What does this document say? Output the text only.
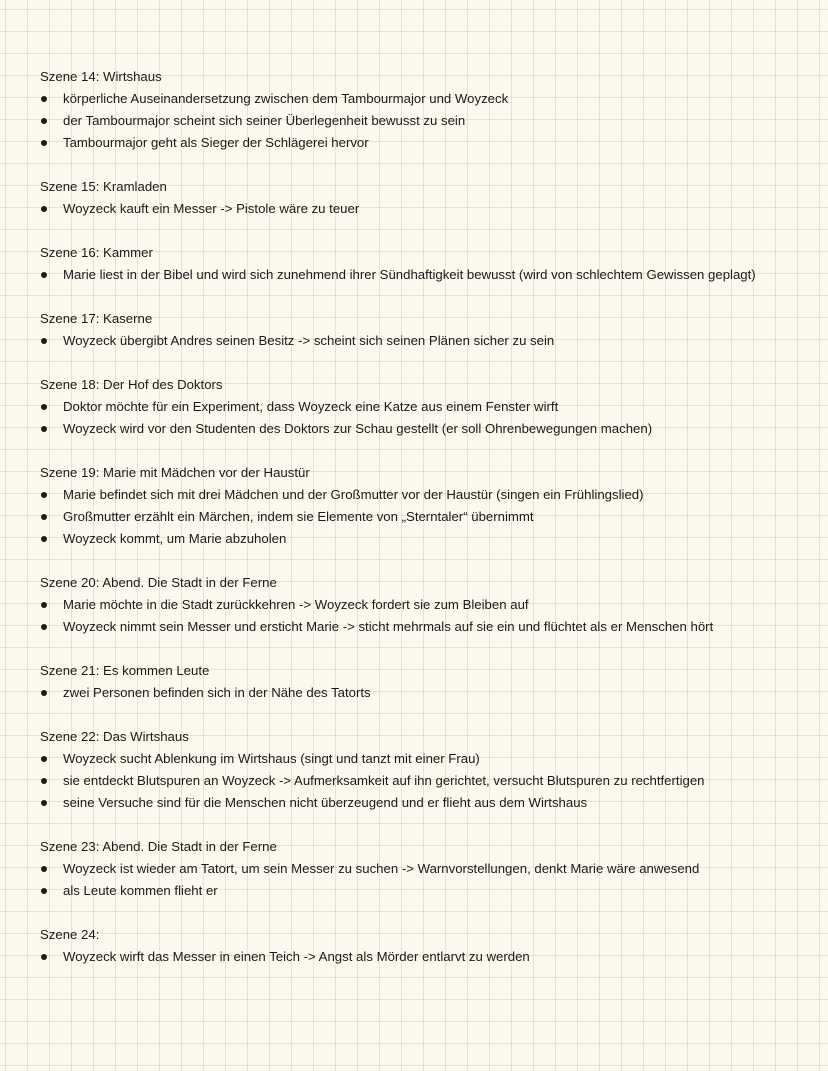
Szene 14: Wirtshaus
körperliche Auseinandersetzung zwischen dem Tambourmajor und Woyzeck
der Tambourmajor scheint sich seiner Überlegenheit bewusst zu sein
Tambourmajor geht als Sieger der Schlägerei hervor
Szene 15: Kramladen
Woyzeck kauft ein Messer -> Pistole wäre zu teuer
Szene 16: Kammer
Marie liest in der Bibel und wird sich zunehmend ihrer Sündhaftigkeit bewusst (wird von schlechtem Gewissen geplagt)
Szene 17: Kaserne
Woyzeck übergibt Andres seinen Besitz -> scheint sich seinen Plänen sicher zu sein
Szene 18: Der Hof des Doktors
Doktor möchte für ein Experiment, dass Woyzeck eine Katze aus einem Fenster wirft
Woyzeck wird vor den Studenten des Doktors zur Schau gestellt (er soll Ohrenbewegungen machen)
Szene 19: Marie mit Mädchen vor der Haustür
Marie befindet sich mit drei Mädchen und der Großmutter vor der Haustür (singen ein Frühlingslied)
Großmutter erzählt ein Märchen, indem sie Elemente von „Sterntaler“ übernimmt
Woyzeck kommt, um Marie abzuholen
Szene 20: Abend. Die Stadt in der Ferne
Marie möchte in die Stadt zurückkehren -> Woyzeck fordert sie zum Bleiben auf
Woyzeck nimmt sein Messer und ersticht Marie -> sticht mehrmals auf sie ein und flüchtet als er Menschen hört
Szene 21: Es kommen Leute
zwei Personen befinden sich in der Nähe des Tatorts
Szene 22: Das Wirtshaus
Woyzeck sucht Ablenkung im Wirtshaus (singt und tanzt mit einer Frau)
sie entdeckt Blutspuren an Woyzeck -> Aufmerksamkeit auf ihn gerichtet, versucht Blutspuren zu rechtfertigen
seine Versuche sind für die Menschen nicht überzeugend und er flieht aus dem Wirtshaus
Szene 23: Abend. Die Stadt in der Ferne
Woyzeck ist wieder am Tatort, um sein Messer zu suchen -> Warnvorstellungen, denkt Marie wäre anwesend
als Leute kommen flieht er
Szene 24:
Woyzeck wirft das Messer in einen Teich -> Angst als Mörder entlarvt zu werden
